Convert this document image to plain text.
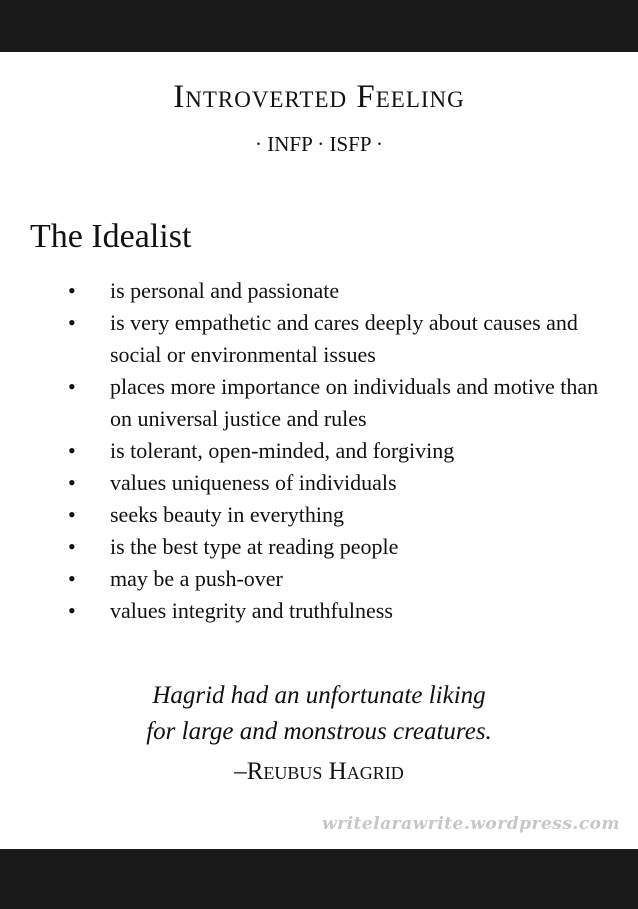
Introverted Feeling
· INFP · ISFP ·
The Idealist
• is personal and passionate
• is very empathetic and cares deeply about causes and social or environmental issues
• places more importance on individuals and motive than on universal justice and rules
• is tolerant, open-minded, and forgiving
• values uniqueness of individuals
• seeks beauty in everything
• is the best type at reading people
• may be a push-over
• values integrity and truthfulness
Hagrid had an unfortunate liking
for large and monstrous creatures.
–Reubus Hagrid
writelarawrite.wordpress.com
